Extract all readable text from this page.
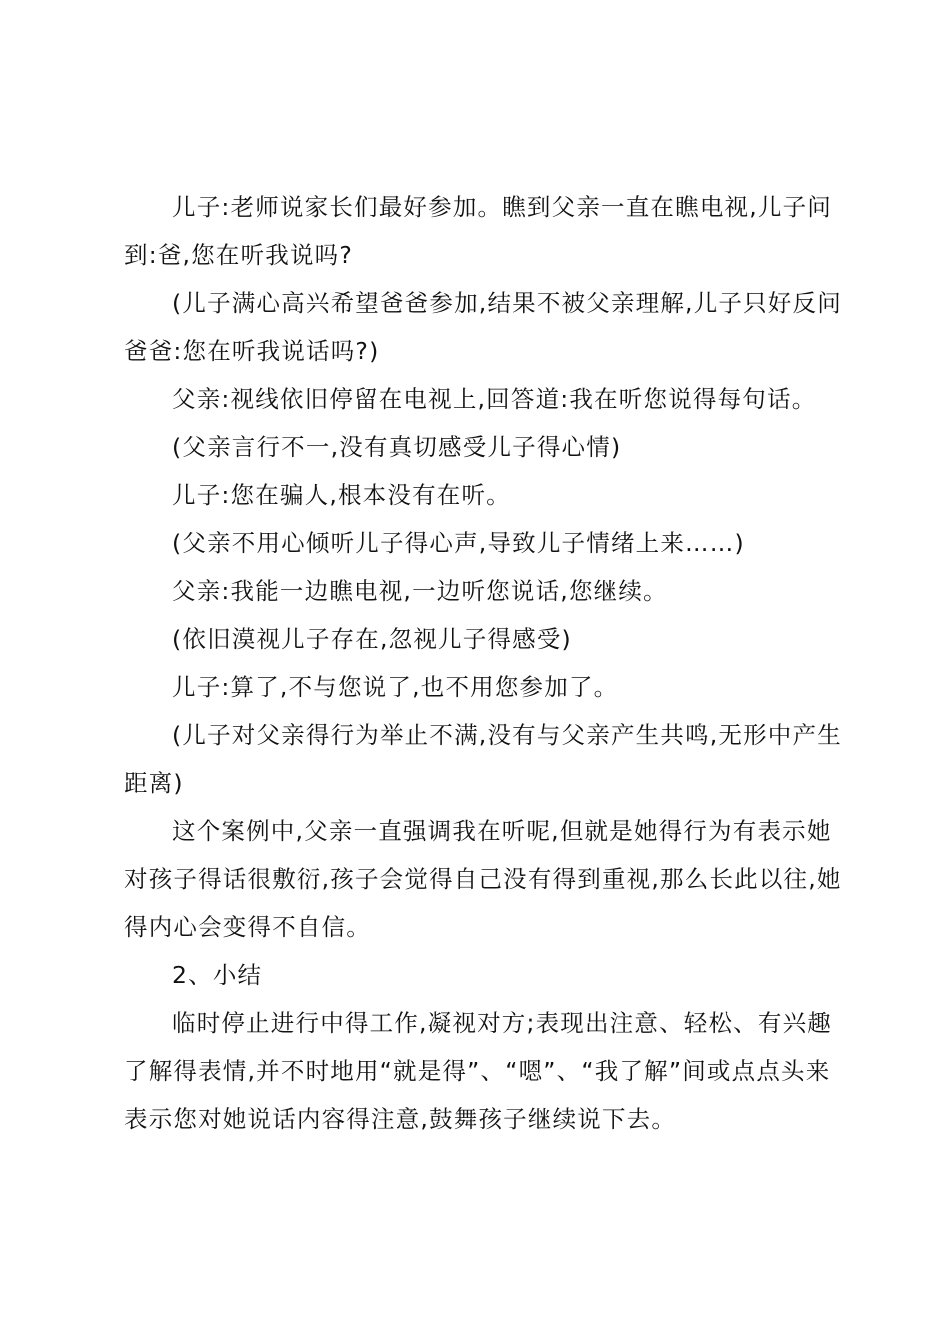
儿子:老师说家长们最好参加。瞧到父亲一直在瞧电视,儿子问到:爸,您在听我说吗?

(儿子满心高兴希望爸爸参加,结果不被父亲理解,儿子只好反问爸爸:您在听我说话吗?)

父亲:视线依旧停留在电视上,回答道:我在听您说得每句话。

(父亲言行不一,没有真切感受儿子得心情)

儿子:您在骗人,根本没有在听。

(父亲不用心倾听儿子得心声,导致儿子情绪上来……)

父亲:我能一边瞧电视,一边听您说话,您继续。

(依旧漠视儿子存在,忽视儿子得感受)

儿子:算了,不与您说了,也不用您参加了。

(儿子对父亲得行为举止不满,没有与父亲产生共鸣,无形中产生距离)

这个案例中,父亲一直强调我在听呢,但就是她得行为有表示她对孩子得话很敷衍,孩子会觉得自己没有得到重视,那么长此以往,她得内心会变得不自信。

2、小结

临时停止进行中得工作,凝视对方;表现出注意、轻松、有兴趣了解得表情,并不时地用“就是得”、“嗯”、“我了解”间或点点头来表示您对她说话内容得注意,鼓舞孩子继续说下去。
